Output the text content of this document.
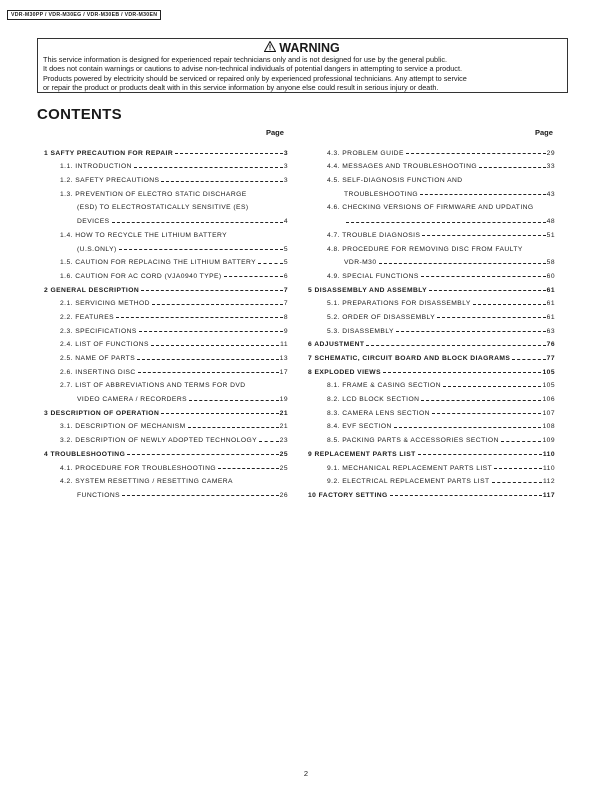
VDR-M30PP / VDR-M30EG / VDR-M30EB / VDR-M30EN
WARNING
This service information is designed for experienced repair technicians only and is not designed for use by the general public.
It does not contain warnings or cautions to advise non-technical individuals of potential dangers in attempting to service a product.
Products powered by electricity should be serviced or repaired only by experienced professional technicians. Any attempt to service
or repair the product or products dealt with in this service information by anyone else could result in serious injury or death.
CONTENTS
Page	Page
1 SAFTY PRECAUTION FOR REPAIR	3
1.1. INTRODUCTION	3
1.2. SAFETY PRECAUTIONS	3
1.3. PREVENTION OF ELECTRO STATIC DISCHARGE
(ESD) TO ELECTROSTATICALLY SENSITIVE (ES)
DEVICES	4
1.4. HOW TO RECYCLE THE LITHIUM BATTERY
(U.S.ONLY)	5
1.5. CAUTION FOR REPLACING THE LITHIUM BATTERY	5
1.6. CAUTION FOR AC CORD (VJA0940 TYPE)	6
2 GENERAL DESCRIPTION	7
2.1. SERVICING METHOD	7
2.2. FEATURES	8
2.3. SPECIFICATIONS	9
2.4. LIST OF FUNCTIONS	11
2.5. NAME OF PARTS	13
2.6. INSERTING DISC	17
2.7. LIST OF ABBREVIATIONS AND TERMS FOR DVD
VIDEO CAMERA / RECORDERS	19
3 DESCRIPTION OF OPERATION	21
3.1. DESCRIPTION OF MECHANISM	21
3.2. DESCRIPTION OF NEWLY ADOPTED TECHNOLOGY	23
4 TROUBLESHOOTING	25
4.1. PROCEDURE FOR TROUBLESHOOTING	25
4.2. SYSTEM RESETTING / RESETTING CAMERA
FUNCTIONS	26
4.3. PROBLEM GUIDE	29
4.4. MESSAGES AND TROUBLESHOOTING	33
4.5. SELF-DIAGNOSIS FUNCTION AND
TROUBLESHOOTING	43
4.6. CHECKING VERSIONS OF FIRMWARE AND UPDATING
48
4.7. TROUBLE DIAGNOSIS	51
4.8. PROCEDURE FOR REMOVING DISC FROM FAULTY
VDR-M30	58
4.9. SPECIAL FUNCTIONS	60
5 DISASSEMBLY AND ASSEMBLY	61
5.1. PREPARATIONS FOR DISASSEMBLY	61
5.2. ORDER OF DISASSEMBLY	61
5.3. DISASSEMBLY	63
6 ADJUSTMENT	76
7 SCHEMATIC, CIRCUIT BOARD AND BLOCK DIAGRAMS	77
8 EXPLODED VIEWS	105
8.1. FRAME & CASING SECTION	105
8.2. LCD BLOCK SECTION	106
8.3. CAMERA LENS SECTION	107
8.4. EVF SECTION	108
8.5. PACKING PARTS & ACCESSORIES SECTION	109
9 REPLACEMENT PARTS LIST	110
9.1. MECHANICAL REPLACEMENT PARTS LIST	110
9.2. ELECTRICAL REPLACEMENT PARTS LIST	112
10 FACTORY SETTING	117
2
